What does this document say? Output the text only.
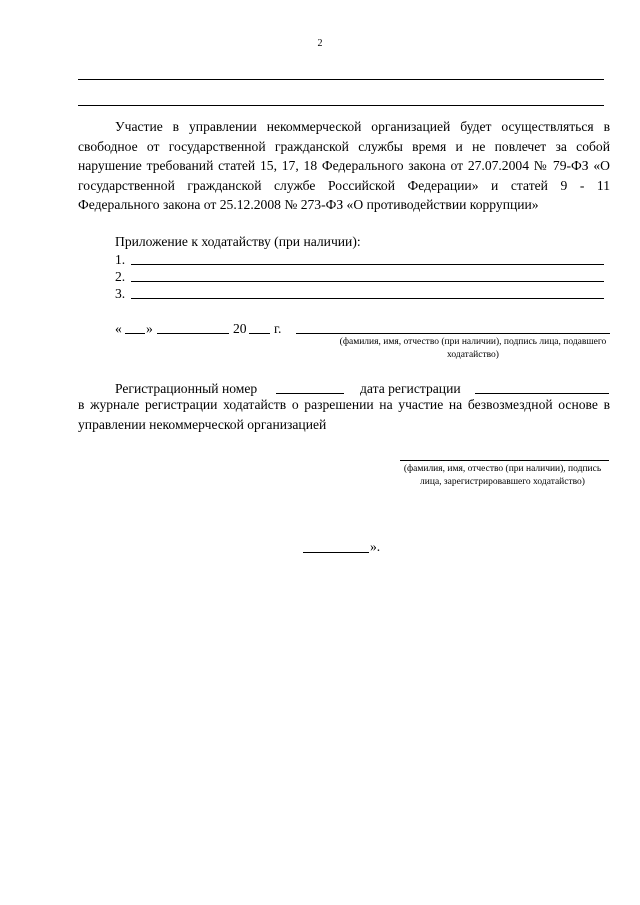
2
Участие в управлении некоммерческой организацией будет осуществляться в свободное от государственной гражданской службы время и не повлечет за собой нарушение требований статей 15, 17, 18 Федерального закона от 27.07.2004 № 79-ФЗ «О государственной гражданской службе Российской Федерации» и статей 9 - 11 Федерального закона от 25.12.2008 № 273-ФЗ «О противодействии коррупции»
Приложение к ходатайству (при наличии):
1.
2.
3.
« »	20 г.
(фамилия, имя, отчество (при наличии), подпись лица, подавшего ходатайство)
Регистрационный номер	дата регистрации
в журнале регистрации ходатайств о разрешении на участие на безвозмездной основе в управлении некоммерческой организацией
(фамилия, имя, отчество (при наличии), подпись лица, зарегистрировавшего ходатайство)
».
